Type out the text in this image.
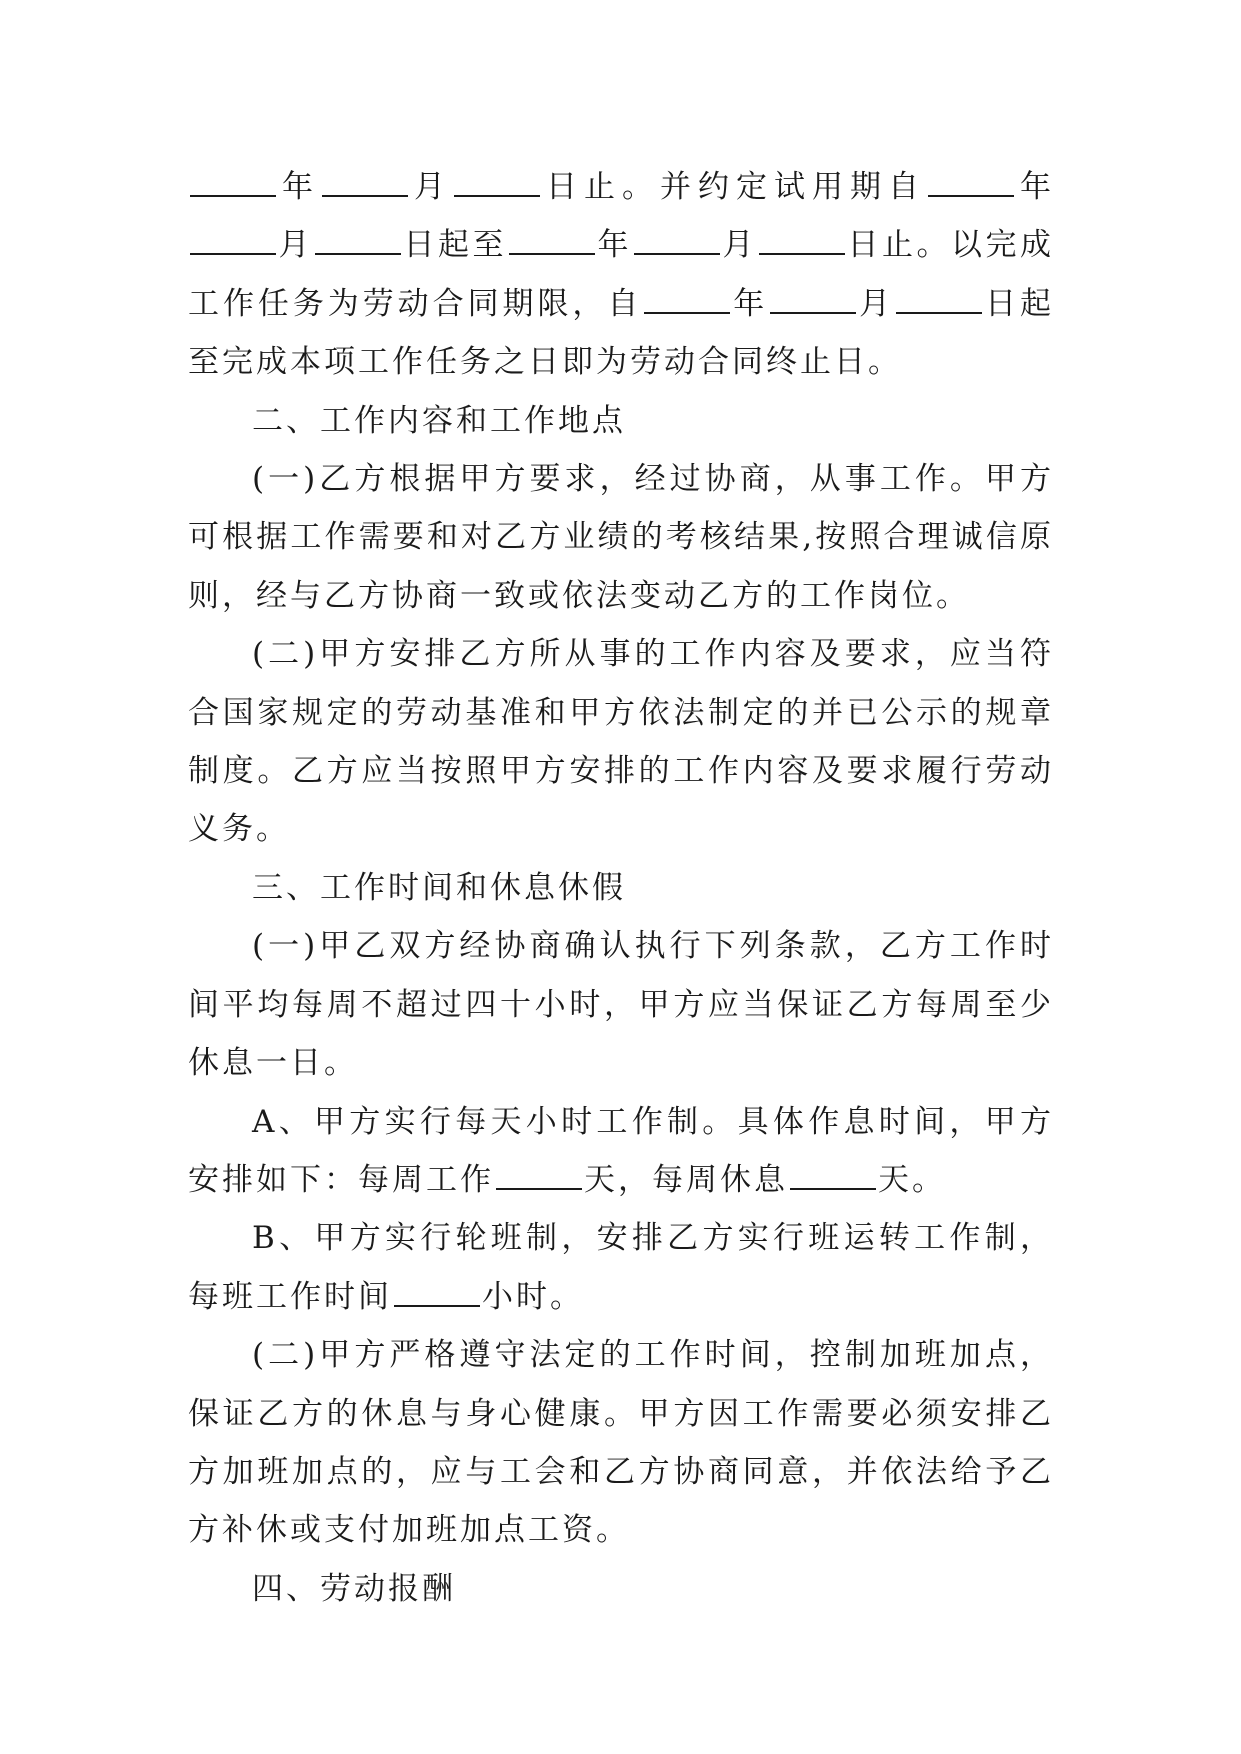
年	月	日止。并约定试用期自	年月	日起至	年	月	日止。以完成工作任务为劳动合同期限，自	年	月	日起至完成本项工作任务之日即为劳动合同终止日。

二、工作内容和工作地点

(一)乙方根据甲方要求，经过协商，从事工作。甲方可根据工作需要和对乙方业绩的考核结果,按照合理诚信原则，经与乙方协商一致或依法变动乙方的工作岗位。

(二)甲方安排乙方所从事的工作内容及要求，应当符合国家规定的劳动基准和甲方依法制定的并已公示的规章制度。乙方应当按照甲方安排的工作内容及要求履行劳动义务。

三、工作时间和休息休假

(一)甲乙双方经协商确认执行下列条款，乙方工作时间平均每周不超过四十小时，甲方应当保证乙方每周至少休息一日。

A、甲方实行每天小时工作制。具体作息时间，甲方安排如下：每周工作	天，每周休息	天。

B、甲方实行轮班制，安排乙方实行班运转工作制，每班工作时间	小时。

(二)甲方严格遵守法定的工作时间，控制加班加点，保证乙方的休息与身心健康。甲方因工作需要必须安排乙方加班加点的，应与工会和乙方协商同意，并依法给予乙方补休或支付加班加点工资。

四、劳动报酬
